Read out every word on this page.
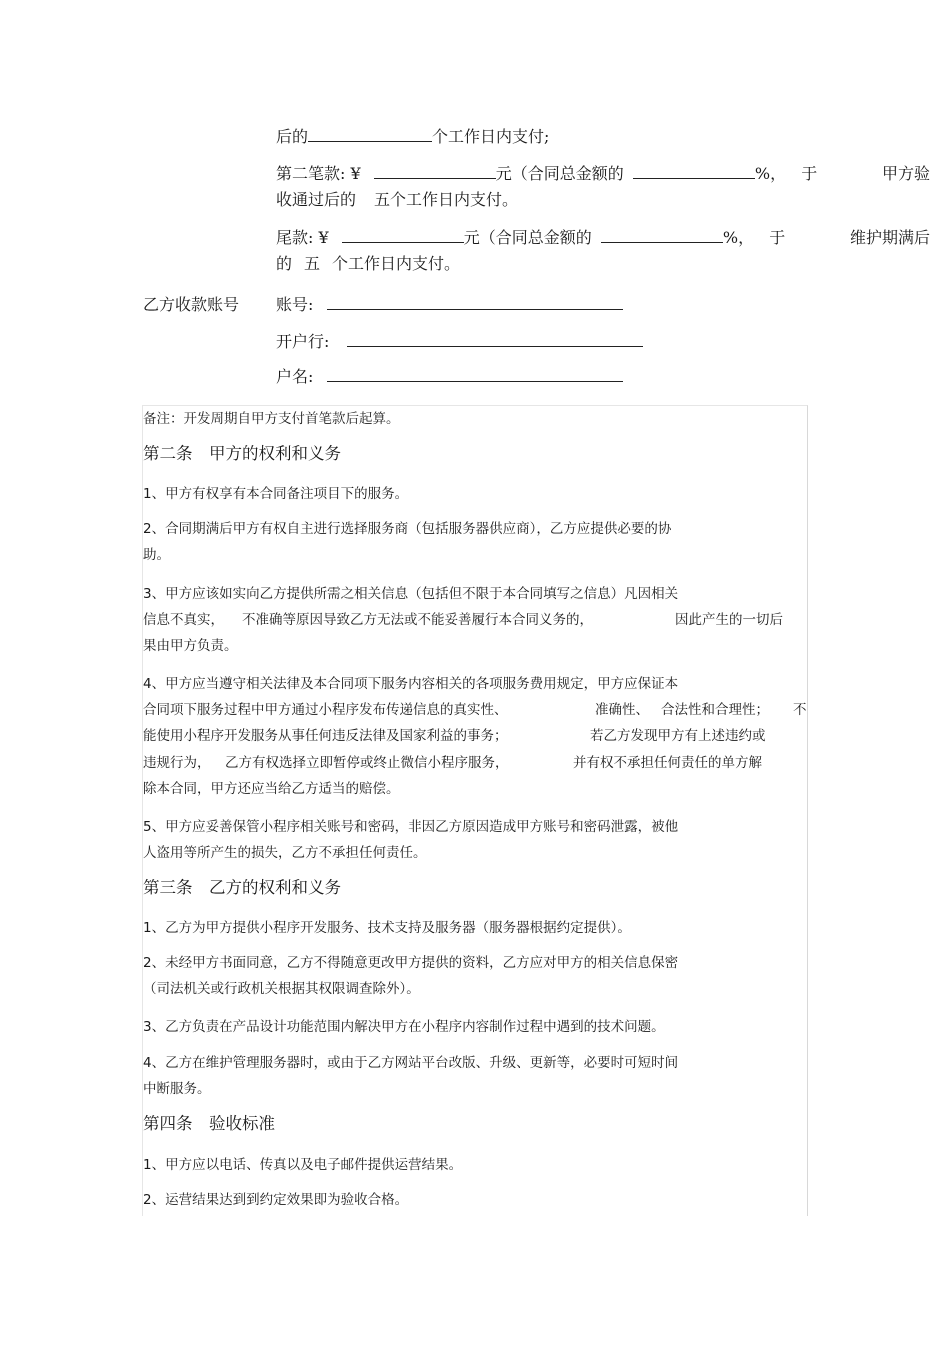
后的	个工作日内支付;
第二笔款: ¥	元（合同总金额的	%， 于	甲方验
收通过后的 五个工作日内支付。
尾款: ¥	元（合同总金额的	%， 于	维护期满后
的 五 个工作日内支付。
乙方收款账号 账号:
开户行:
户名:
备注：开发周期自甲方支付首笔款后起算。
第二条　甲方的权利和义务
1、甲方有权享有本合同备注项目下的服务。
2、合同期满后甲方有权自主进行选择服务商（包括服务器供应商），乙方应提供必要的协
助。
3、甲方应该如实向乙方提供所需之相关信息（包括但不限于本合同填写之信息）凡因相关
信息不真实， 不准确等原因导致乙方无法或不能妥善履行本合同义务的，	因此产生的一切后
果由甲方负责。
4、甲方应当遵守相关法律及本合同项下服务内容相关的各项服务费用规定，甲方应保证本
合同项下服务过程中甲方通过小程序发布传递信息的真实性、	准确性、 合法性和合理性； 不
能使用小程序开发服务从事任何违反法律及国家利益的事务；	若乙方发现甲方有上述违约或
违规行为， 乙方有权选择立即暂停或终止微信小程序服务，	并有权不承担任何责任的单方解
除本合同，甲方还应当给乙方适当的赔偿。
5、甲方应妥善保管小程序相关账号和密码，非因乙方原因造成甲方账号和密码泄露，被他
人盗用等所产生的损失，乙方不承担任何责任。
第三条　乙方的权利和义务
1、乙方为甲方提供小程序开发服务、技术支持及服务器（服务器根据约定提供）。
2、未经甲方书面同意，乙方不得随意更改甲方提供的资料，乙方应对甲方的相关信息保密
（司法机关或行政机关根据其权限调查除外）。
3、乙方负责在产品设计功能范围内解决甲方在小程序内容制作过程中遇到的技术问题。
4、乙方在维护管理服务器时，或由于乙方网站平台改版、升级、更新等，必要时可短时间
中断服务。
第四条　验收标准
1、甲方应以电话、传真以及电子邮件提供运营结果。
2、运营结果达到到约定效果即为验收合格。
